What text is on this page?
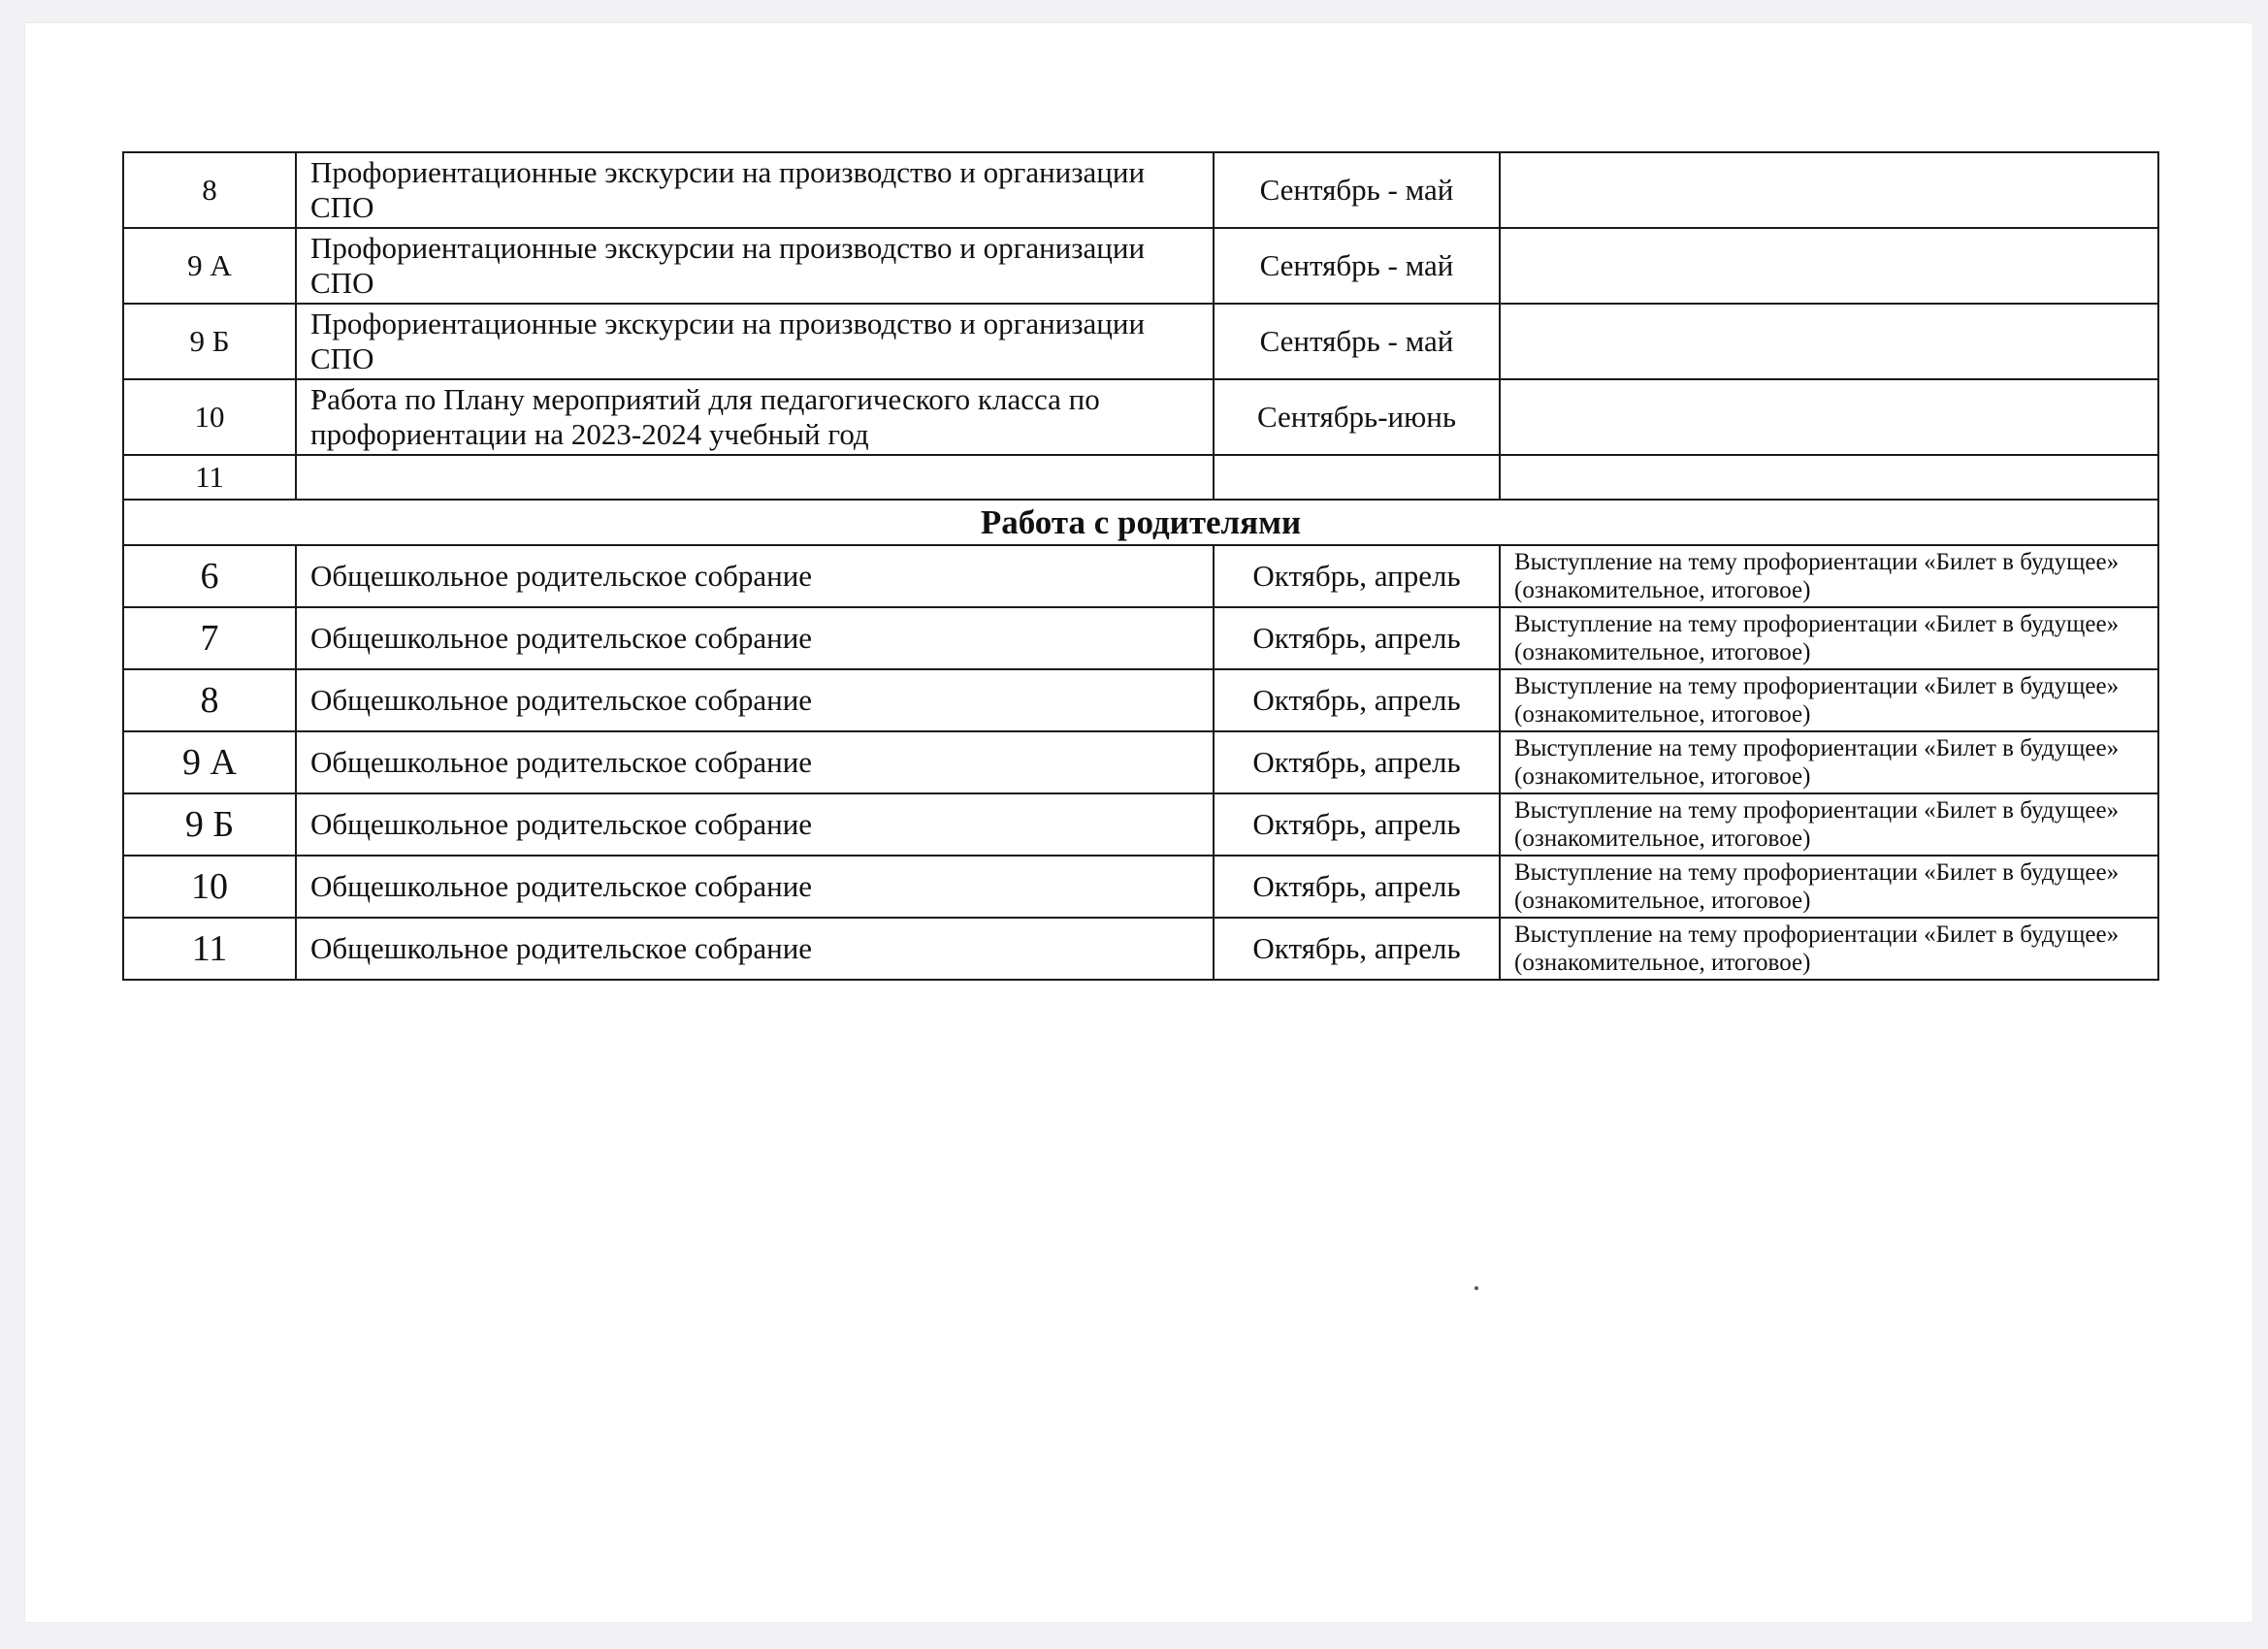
8	Профориентационные экскурсии на производство и организации СПО	Сентябрь - май	
9 А	Профориентационные экскурсии на производство и организации СПО	Сентябрь - май	
9 Б	Профориентационные экскурсии на производство и организации СПО	Сентябрь - май	
10	Работа по Плану мероприятий для педагогического класса по профориентации на 2023-2024 учебный год	Сентябрь-июнь	
11			
Работа с родителями			
6	Общешкольное родительское собрание	Октябрь, апрель	Выступление на тему профориентации «Билет в будущее» (ознакомительное, итоговое)
7	Общешкольное родительское собрание	Октябрь, апрель	Выступление на тему профориентации «Билет в будущее» (ознакомительное, итоговое)
8	Общешкольное родительское собрание	Октябрь, апрель	Выступление на тему профориентации «Билет в будущее» (ознакомительное, итоговое)
9 А	Общешкольное родительское собрание	Октябрь, апрель	Выступление на тему профориентации «Билет в будущее» (ознакомительное, итоговое)
9 Б	Общешкольное родительское собрание	Октябрь, апрель	Выступление на тему профориентации «Билет в будущее» (ознакомительное, итоговое)
10	Общешкольное родительское собрание	Октябрь, апрель	Выступление на тему профориентации «Билет в будущее» (ознакомительное, итоговое)
11	Общешкольное родительское собрание	Октябрь, апрель	Выступление на тему профориентации «Билет в будущее» (ознакомительное, итоговое)
